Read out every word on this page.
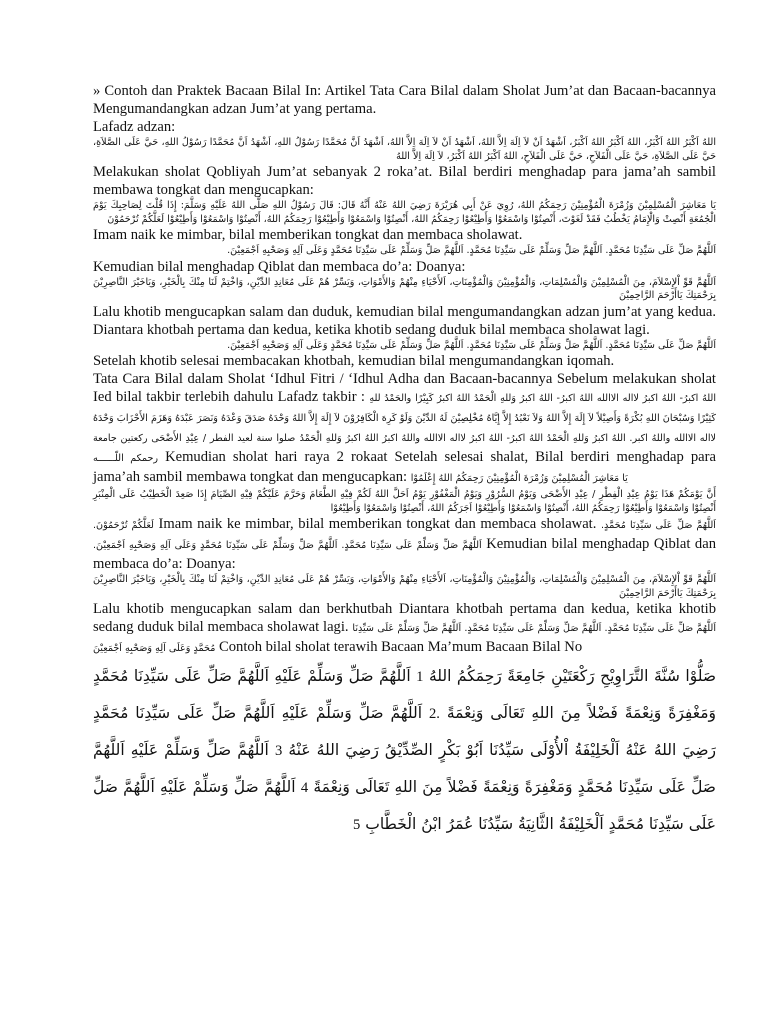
» Contoh dan Praktek Bacaan Bilal In: Artikel Tata Cara Bilal dalam Sholat Jum’at dan Bacaan-bacannya Mengumandangkan adzan Jum’at yang pertama.

Lafadz adzan:

اللهُ اَكْبَرُ اللهُ اَكْبَرُ، اللهُ اَكْبَرُ اللهُ اَكْبَرُ، اَشْهَدُ اَنْ لاَ اِلَهَ اِلاَّ اللهُ، اَشْهَدُ اَنْ لاَ اِلَهَ اِلاَّ اللهُ، اَشْهَدُ اَنَّ مُحَمَّدًا رَسُوْلُ اللهِ، اَشْهَدُ اَنَّ مُحَمَّدًا رَسُوْلُ اللهِ، حَيَّ عَلَى الصَّلاَةِ، حَيَّ عَلَى الصَّلاَةِ، حَيَّ عَلَى الْفَلاَحِ، حَيَّ عَلَى الْفَلاَحِ، اللهُ اَكْبَرُ اللهُ اَكْبَرُ، لاَ اِلَهَ اِلاَّ اللهُ

Melakukan sholat Qobliyah Jum’at sebanyak 2 roka’at. Bilal berdiri menghadap para jama’ah sambil membawa tongkat dan mengucapkan:

يَا مَعَاشِرَ الْمُسْلِمِيْنَ وَزُمْرَةَ الْمُؤْمِنِيْنَ رَحِمَكُمُ اللهُ، رُوِيَ عَنْ أَبِي هُرَيْرَةَ رَضِيَ اللهُ عَنْهُ أَنَّهُ قَالَ: قَالَ رَسُوْلُ اللهِ صَلَّى اللهُ عَلَيْهِ وَسَلَّمَ: إِذَا قُلْتَ لِصَاحِبِكَ يَوْمَ الْجُمُعَةِ أَنْصِتْ وَالْإِمَامُ يَخْطُبُ فَقَدْ لَغَوْتَ، أَنْصِتُوْا وَاسْمَعُوْا وَأَطِيْعُوْا رَحِمَكُمُ اللهُ، أَنْصِتُوْا وَاسْمَعُوْا وَأَطِيْعُوْا رَحِمَكُمُ اللهُ، أَنْصِتُوْا وَاسْمَعُوْا وَأَطِيْعُوْا لَعَلَّكُمْ تُرْحَمُوْنَ

Imam naik ke mimbar, bilal memberikan tongkat dan membaca sholawat.

اَللَّهُمَّ صَلِّ عَلَى سَيِّدِنَا مُحَمَّدٍ. اَللَّهُمَّ صَلِّ وَسَلِّمْ عَلَى سَيِّدِنَا مُحَمَّدٍ. اَللَّهُمَّ صَلِّ وَسَلِّمْ عَلَى سَيِّدِنَا مُحَمَّدٍ وَعَلَى آلِهِ وَصَحْبِهِ اَجْمَعِيْنَ.

Kemudian bilal menghadap Qiblat dan membaca do’a: Doanya:

اَللَّهُمَّ قَوِّ اْلإِسْلاَمَ، مِنَ الْمُسْلِمِيْنَ وَالْمُسْلِمَاتِ، وَالْمُؤْمِنِيْنَ وَالْمُؤْمِنَاتِ، اَلأَحْيَاءِ مِنْهُمْ وَالأَمْوَاتِ، وَيَسِّرْ هُمْ عَلَى مُعَانِدِ الدِّيْنِ، وَاخْتِمْ لَنَا مِنْكَ بِالْخَيْرِ، وَيَاخَيْرَ النَّاصِرِيْنَ بِرَحْمَتِكَ يَاأَرْحَمَ الرَّاحِمِيْنَ

Lalu khotib mengucapkan salam dan duduk, kemudian bilal mengumandangkan adzan jum’at yang kedua. Diantara khotbah pertama dan kedua, ketika khotib sedang duduk bilal membaca sholawat lagi.

اَللَّهُمَّ صَلِّ عَلَى سَيِّدِنَا مُحَمَّدٍ. اَللَّهُمَّ صَلِّ وَسَلِّمْ عَلَى سَيِّدِنَا مُحَمَّدٍ. اَللَّهُمَّ صَلِّ وَسَلِّمْ عَلَى سَيِّدِنَا مُحَمَّدٍ وَعَلَى آلِهِ وَصَحْبِهِ اَجْمَعِيْنَ.

Setelah khotib selesai membacakan khotbah, kemudian bilal mengumandangkan iqomah.

Tata Cara Bilal dalam Sholat ‘Idhul Fitri / ‘Idhul Adha dan Bacaan-bacannya Sebelum melakukan sholat Ied bilal takbir terlebih dahulu Lafadz takbir : اللهُ اكبرُ- اللهُ اكبرُ لااله الاالله اللهُ اكبرُ- اللهُ اكبرُ وَللهِ الْحَمْدُ اللهُ اكبرُ كَبِيْرًا والحَمْدُ للهِ كَثِيْرًا وَسُبْحَانَ اللهِ بُكْرَةً وَأَصِيْلاً لاَ إِلَهَ إِلاَّ اللهُ وَلاَ نَعْبُدُ إِلاَّ إِيَّاهُ مُخْلِصِيْنَ لَهُ الدِّيْنَ وَلَوْ كَرِهَ الْكَافِرُوْنَ لاَ إِلَهَ إِلاَّ اللهُ وَحْدَهُ صَدَقَ وَعْدَهُ وَنَصَرَ عَبْدَهُ وَهَزَمَ الأَحْزَابَ وَحْدَهُ لااله الاالله واللهُ اكبر. اللهُ اكبرُ وَللهِ الْحَمْدُ اللهُ اكبرُ- اللهُ اكبرُ لااله الاالله واللهُ اكبرُ اللهُ اكبرُ وَللهِ الْحَمْدُ صلوا سنة لعيد الفطر / عِيْدِ الأَضْحَى ركعتين جامعة رحمكم اللّــــــه Kemudian sholat hari raya 2 rokaat Setelah selesai shalat, Bilal berdiri menghadap para jama’ah sambil membawa tongkat dan mengucapkan: يَا مَعَاشِرَ الْمُسْلِمِيْنَ وَزُمْرَةَ الْمُؤْمِنِيْنَ رَحِمَكُمُ اللهُ إِعْلَمُوْا

أَنَّ يَوْمَكُمْ هَذَا يَوْمُ عِيْدِ الْفِطْرِ / عِيْدِ الأَضْحَى وَيَوْمُ السُّرُوْرِ وَيَوْمُ الْمَغْفُوْرِ يَوْمُ اَحَلَّ اللهُ لَكُمْ فِيْهِ الطَّعَامَ وَحَرَّمَ عَلَيْكُمْ فِيْهِ الصِّيَامَ إِذَا صَعِدَ الْخَطِيْبُ عَلَى الْمِنْبَرِ أَنْصِتُوْا وَاسْمَعُوْا وَأَطِيْعُوْا رَحِمَكُمُ اللهُ، أَنْصِتُوْا وَاسْمَعُوْا وَأَطِيْعُوْا اَجَرَكُمُ اللهُ، أَنْصِتُوْا وَاسْمَعُوْا وَأَطِيْعُوْا

لَعَلَّكُمْ تُرْحَمُوْنَ. Imam naik ke mimbar, bilal memberikan tongkat dan membaca sholawat.	اَللَّهُمَّ صَلِّ عَلَى سَيِّدِنَا مُحَمَّدٍ. اَللَّهُمَّ صَلِّ وَسَلِّمْ عَلَى سَيِّدِنَا مُحَمَّدٍ. اَللَّهُمَّ صَلِّ وَسَلِّمْ عَلَى سَيِّدِنَا مُحَمَّدٍ وَعَلَى آلِهِ وَصَحْبِهِ اَجْمَعِيْنَ. Kemudian bilal menghadap Qiblat dan membaca do’a: Doanya:

اَللَّهُمَّ قَوِّ اْلإِسْلاَمَ، مِنَ الْمُسْلِمِيْنَ وَالْمُسْلِمَاتِ، وَالْمُؤْمِنِيْنَ وَالْمُؤْمِنَاتِ، اَلأَحْيَاءِ مِنْهُمْ وَالأَمْوَاتِ، وَيَسِّرْ هُمْ عَلَى مُعَانِدِ الدِّيْنِ، وَاخْتِمْ لَنَا مِنْكَ بِالْخَيْرِ، وَيَاخَيْرَ النَّاصِرِيْنَ بِرَحْمَتِكَ يَاأَرْحَمَ الرَّاحِمِيْنَ

Lalu khotib mengucapkan salam dan berkhutbah Diantara khotbah pertama dan kedua, ketika khotib sedang duduk bilal membaca sholawat lagi. اَللَّهُمَّ صَلِّ عَلَى سَيِّدِنَا مُحَمَّدٍ. اَللَّهُمَّ صَلِّ وَسَلِّمْ عَلَى سَيِّدِنَا مُحَمَّدٍ. اَللَّهُمَّ صَلِّ وَسَلِّمْ عَلَى سَيِّدِنَا مُحَمَّدٍ وَعَلَى آلِهِ وَصَحْبِهِ اَجْمَعِيْنَ Contoh bilal sholat terawih Bacaan Ma’mum Bacaan Bilal No

صَلُّوْا سُنَّةَ التَّرَاوِيْحِ رَكْعَتَيْنِ جَامِعَةً رَحِمَكُمُ اللهُ 1 اَللَّهُمَّ صَلِّ وَسَلِّمْ عَلَيْهِ اَللَّهُمَّ صَلِّ عَلَى سَيِّدِنَا مُحَمَّدٍ وَمَغْفِرَةً وَنِعْمَةً فَضْلاً مِنَ اللهِ تَعَالَى وَنِعْمَةً 2. اَللَّهُمَّ صَلِّ وَسَلِّمْ عَلَيْهِ اَللَّهُمَّ صَلِّ عَلَى سَيِّدِنَا مُحَمَّدٍ رَضِيَ اللهُ عَنْهُ اَلْخَلِيْفَةُ اْلأُوْلَى سَيِّدُنَا اَبُوْ بَكْرٍ الصِّدِّيْقُ رَضِيَ اللهُ عَنْهُ 3 اَللَّهُمَّ صَلِّ وَسَلِّمْ عَلَيْهِ اَللَّهُمَّ صَلِّ عَلَى سَيِّدِنَا مُحَمَّدٍ وَمَغْفِرَةً وَنِعْمَةً فَضْلاً مِنَ اللهِ تَعَالَى وَنِعْمَةً 4 اَللَّهُمَّ صَلِّ وَسَلِّمْ عَلَيْهِ اَللَّهُمَّ صَلِّ عَلَى سَيِّدِنَا مُحَمَّدٍ اَلْخَلِيْفَةُ الثَّانِيَةُ سَيِّدُنَا عُمَرُ ابْنُ الْخَطَّابِ 5
